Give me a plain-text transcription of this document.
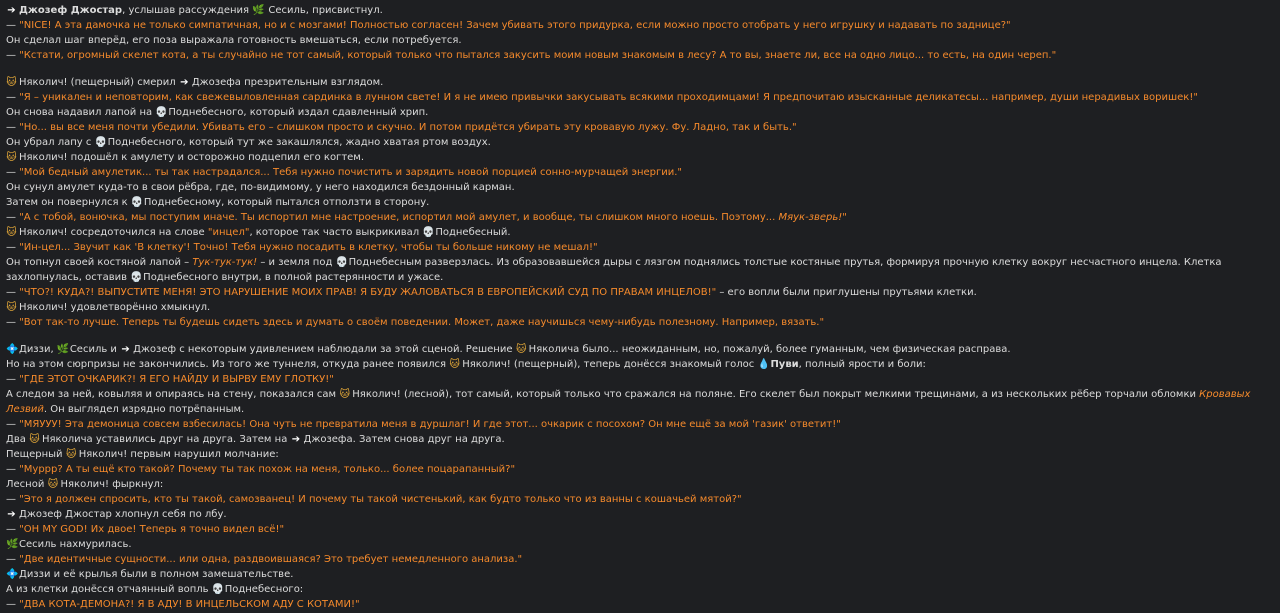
➔ Джозеф Джостар, услышав рассуждения 🌿 Сесиль, присвистнул.
— "NICE! А эта дамочка не только симпатичная, но и с мозгами! Полностью согласен! Зачем убивать этого придурка, если можно просто отобрать у него игрушку и надавать по заднице?"
Он сделал шаг вперёд, его поза выражала готовность вмешаться, если потребуется.
— "Кстати, огромный скелет кота, а ты случайно не тот самый, который только что пытался закусить моим новым знакомым в лесу? А то вы, знаете ли, все на одно лицо... то есть, на один череп."
🐱 Няколич! (пещерный) смерил ➔ Джозефа презрительным взглядом.
— "Я – уникален и неповторим, как свежевыловленная сардинка в лунном свете! И я не имею привычки закусывать всякими проходимцами! Я предпочитаю изысканные деликатесы... например, души нерадивых воришек!"
Он снова надавил лапой на 💀Поднебесного, который издал сдавленный хрип.
— "Но... вы все меня почти убедили. Убивать его – слишком просто и скучно. И потом придётся убирать эту кровавую лужу. Фу. Ладно, так и быть."
Он убрал лапу с 💀Поднебесного, который тут же закашлялся, жадно хватая ртом воздух.
🐱 Няколич! подошёл к амулету и осторожно подцепил его когтем.
— "Мой бедный амулетик... ты так настрадался... Тебя нужно почистить и зарядить новой порцией сонно-мурчащей энергии."
Он сунул амулет куда-то в свои рёбра, где, по-видимому, у него находился бездонный карман.
Затем он повернулся к 💀Поднебесному, который пытался отползти в сторону.
— "А с тобой, вонючка, мы поступим иначе. Ты испортил мне настроение, испортил мой амулет, и вообще, ты слишком много ноешь. Поэтому... Мяук-зверь!"
🐱 Няколич! сосредоточился на слове "инцел", которое так часто выкрикивал 💀Поднебесный.
— "Ин-цел... Звучит как 'В клетку'! Точно! Тебя нужно посадить в клетку, чтобы ты больше никому не мешал!"
Он топнул своей костяной лапой – Тук-тук-тук! – и земля под 💀Поднебесным разверзлась. Из образовавшейся дыры с лязгом поднялись толстые костяные прутья, формируя прочную клетку вокруг несчастного инцела. Клетка захлопнулась, оставив 💀Поднебесного внутри, в полной растерянности и ужасе.
— "ЧТО?! КУДА?! ВЫПУСТИТЕ МЕНЯ! ЭТО НАРУШЕНИЕ МОИХ ПРАВ! Я БУДУ ЖАЛОВАТЬСЯ В ЕВРОПЕЙСКИЙ СУД ПО ПРАВАМ ИНЦЕЛОВ!" – его вопли были приглушены прутьями клетки.
🐱 Няколич! удовлетворённо хмыкнул.
— "Вот так-то лучше. Теперь ты будешь сидеть здесь и думать о своём поведении. Может, даже научишься чему-нибудь полезному. Например, вязать."
💠Диззи, 🌿Сесиль и ➔ Джозеф с некоторым удивлением наблюдали за этой сценой. Решение 🐱 Няколича было... неожиданным, но, пожалуй, более гуманным, чем физическая расправа.
Но на этом сюрпризы не закончились. Из того же туннеля, откуда ранее появился 🐱 Няколич! (пещерный), теперь донёсся знакомый голос 💧Пуви, полный ярости и боли:
— "ГДЕ ЭТОТ ОЧКАРИК?! Я ЕГО НАЙДУ И ВЫРВУ ЕМУ ГЛОТКУ!"
А следом за ней, ковыляя и опираясь на стену, показался сам 🐱 Няколич! (лесной), тот самый, который только что сражался на поляне. Его скелет был покрыт мелкими трещинами, а из нескольких рёбер торчали обломки Кровавых Лезвий. Он выглядел изрядно потрёпанным.
— "МЯУУУ! Эта демоница совсем взбесилась! Она чуть не превратила меня в дуршлаг! И где этот... очкарик с посохом? Он мне ещё за мой 'газик' ответит!"
Два 🐱 Няколича уставились друг на друга. Затем на ➔ Джозефа. Затем снова друг на друга.
Пещерный 🐱 Няколич! первым нарушил молчание:
— "Муррр? А ты ещё кто такой? Почему ты так похож на меня, только... более поцарапанный?"
Лесной 🐱 Няколич! фыркнул:
— "Это я должен спросить, кто ты такой, самозванец! И почему ты такой чистенький, как будто только что из ванны с кошачьей мятой?"
➔ Джозеф Джостар хлопнул себя по лбу.
— "OH MY GOD! Их двое! Теперь я точно видел всё!"
🌿Сесиль нахмурилась.
— "Две идентичные сущности... или одна, раздвоившаяся? Это требует немедленного анализа."
💠Диззи и её крылья были в полном замешательстве.
А из клетки донёсся отчаянный вопль 💀Поднебесного:
— "ДВА КОТА-ДЕМОНА?! Я В АДУ! В ИНЦЕЛЬСКОМ АДУ С КОТАМИ!"
